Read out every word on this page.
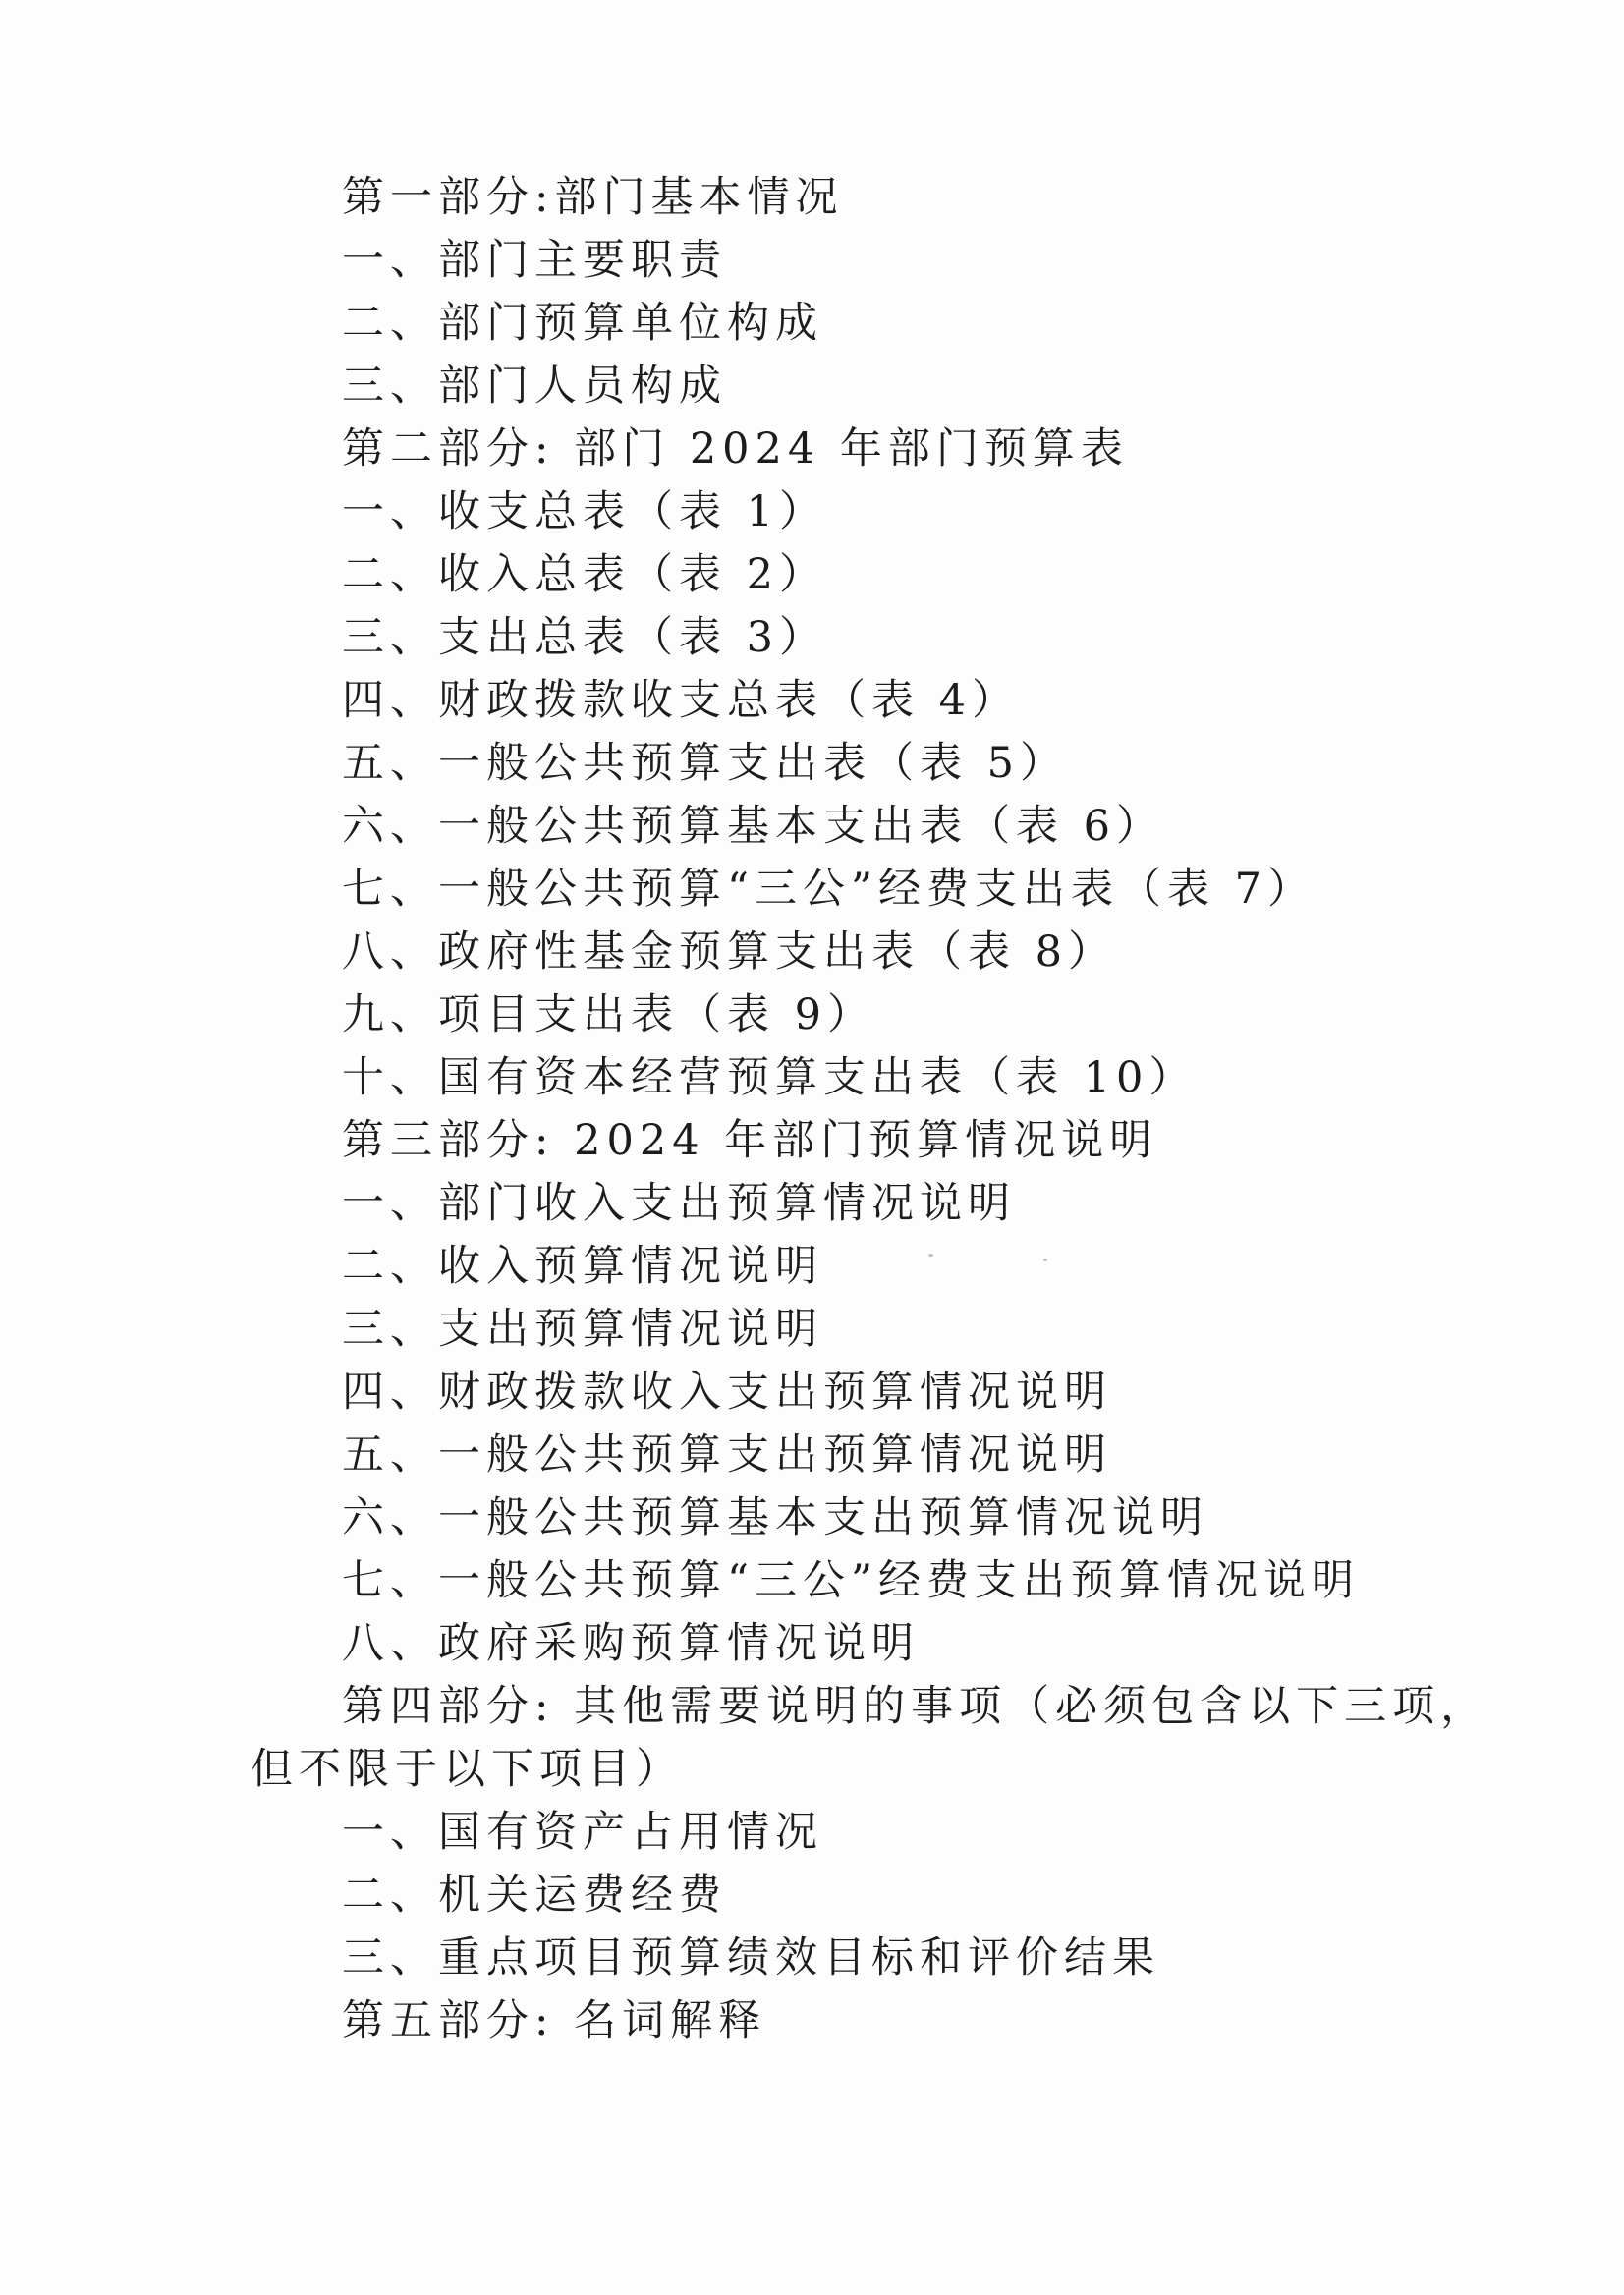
第一部分:部门基本情况
一、部门主要职责
二、部门预算单位构成
三、部门人员构成
第二部分: 部门 2024 年部门预算表
一、收支总表（表 1）
二、收入总表（表 2）
三、支出总表（表 3）
四、财政拨款收支总表（表 4）
五、一般公共预算支出表（表 5）
六、一般公共预算基本支出表（表 6）
七、一般公共预算“三公”经费支出表（表 7）
八、政府性基金预算支出表（表 8）
九、项目支出表（表 9）
十、国有资本经营预算支出表（表 10）
第三部分: 2024 年部门预算情况说明
一、部门收入支出预算情况说明
二、收入预算情况说明
三、支出预算情况说明
四、财政拨款收入支出预算情况说明
五、一般公共预算支出预算情况说明
六、一般公共预算基本支出预算情况说明
七、一般公共预算“三公”经费支出预算情况说明
八、政府采购预算情况说明
第四部分: 其他需要说明的事项（必须包含以下三项，
但不限于以下项目）
一、国有资产占用情况
二、机关运费经费
三、重点项目预算绩效目标和评价结果
第五部分: 名词解释
